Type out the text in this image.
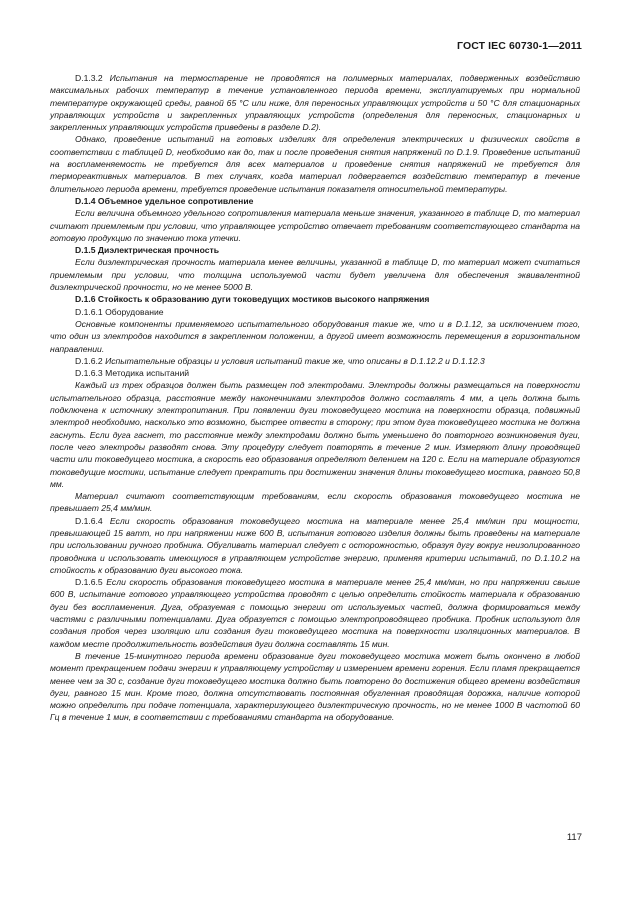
ГОСТ IEC 60730-1—2011

D.1.3.2 Испытания на термостарение не проводятся на полимерных материалах, подверженных воздействию максимальных рабочих температур в течение установленного периода времени, эксплуатируемых при нормальной температуре окружающей среды, равной 65 °С или ниже, для переносных управляющих устройств и 50 °С для стационарных управляющих устройств и закрепленных управляющих устройств (определения для переносных, стационарных и закрепленных управляющих устройств приведены в разделе D.2).

Однако, проведение испытаний на готовых изделиях для определения электрических и физических свойств в соответствии с таблицей D, необходимо как до, так и после проведения снятия напряжений по D.1.9. Проведение испытаний на воспламеняемость не требуется для всех материалов и проведение снятия напряжений не требуется для термореактивных материалов. В тех случаях, когда материал подвергается воздействию температур в течение длительного периода времени, требуется проведение испытания показателя относительной температуры.

D.1.4 Объемное удельное сопротивление

Если величина объемного удельного сопротивления материала меньше значения, указанного в таблице D, то материал считают приемлемым при условии, что управляющее устройство отвечает требованиям соответствующего стандарта на готовую продукцию по значению тока утечки.

D.1.5 Диэлектрическая прочность

Если диэлектрическая прочность материала менее величины, указанной в таблице D, то материал может считаться приемлемым при условии, что толщина используемой части будет увеличена для обеспечения эквивалентной диэлектрической прочности, но не менее 5000 В.

D.1.6 Стойкость к образованию дуги токоведущих мостиков высокого напряжения

D.1.6.1 Оборудование

Основные компоненты применяемого испытательного оборудования такие же, что и в D.1.12, за исключением того, что один из электродов находится в закрепленном положении, а другой имеет возможность перемещения в горизонтальном направлении.

D.1.6.2 Испытательные образцы и условия испытаний такие же, что описаны в D.1.12.2 и D.1.12.3

D.1.6.3 Методика испытаний

Каждый из трех образцов должен быть размещен под электродами. Электроды должны размещаться на поверхности испытательного образца, расстояние между наконечниками электродов должно составлять 4 мм, а цепь должна быть подключена к источнику электропитания. При появлении дуги токоведущего мостика на поверхности образца, подвижный электрод необходимо, насколько это возможно, быстрее отвести в сторону; при этом дуга токоведущего мостика не должна гаснуть. Если дуга гаснет, то расстояние между электродами должно быть уменьшено до повторного возникновения дуги, после чего электроды разводят снова. Эту процедуру следует повторять в течение 2 мин. Измеряют длину проводящей части или токоведущего мостика, а скорость его образования определяют делением на 120 с. Если на материале образуются токоведущие мостики, испытание следует прекратить при достижении значения длины токоведущего мостика, равного 50,8 мм.

Материал считают соответствующим требованиям, если скорость образования токоведущего мостика не превышает 25,4 мм/мин.

D.1.6.4 Если скорость образования токоведущего мостика на материале менее 25,4 мм/мин при мощности, превышающей 15 ватт, но при напряжении ниже 600 В, испытания готового изделия должны быть проведены на материале при использовании ручного пробника. Обугливать материал следует с осторожностью, образуя дугу вокруг неизолированного проводника и использовать имеющуюся в управляющем устройстве энергию, применяя критерии испытаний, по D.1.10.2 на стойкость к образованию дуги высокого тока.

D.1.6.5 Если скорость образования токоведущего мостика в материале менее 25,4 мм/мин, но при напряжении свыше 600 В, испытание готового управляющего устройства проводят с целью определить стойкость материала к образованию дуги без воспламенения. Дуга, образуемая с помощью энергии от используемых частей, должна формироваться между частями с различными потенциалами. Дуга образуется с помощью электропроводящего пробника. Пробник используют для создания пробоя через изоляцию или создания дуги токоведущего мостика на поверхности изоляционных материалов. В каждом месте продолжительность воздействия дуги должна составлять 15 мин.

В течение 15-минутного периода времени образование дуги токоведущего мостика может быть окончено в любой момент прекращением подачи энергии к управляющему устройству и измерением времени горения. Если пламя прекращается менее чем за 30 с, создание дуги токоведущего мостика должно быть повторено до достижения общего времени воздействия дуги, равного 15 мин. Кроме того, должна отсутствовать постоянная обугленная проводящая дорожка, наличие которой можно определить при подаче потенциала, характеризующего диэлектрическую прочность, но не менее 1000 В частотой 60 Гц в течение 1 мин, в соответствии с требованиями стандарта на оборудование.

117
